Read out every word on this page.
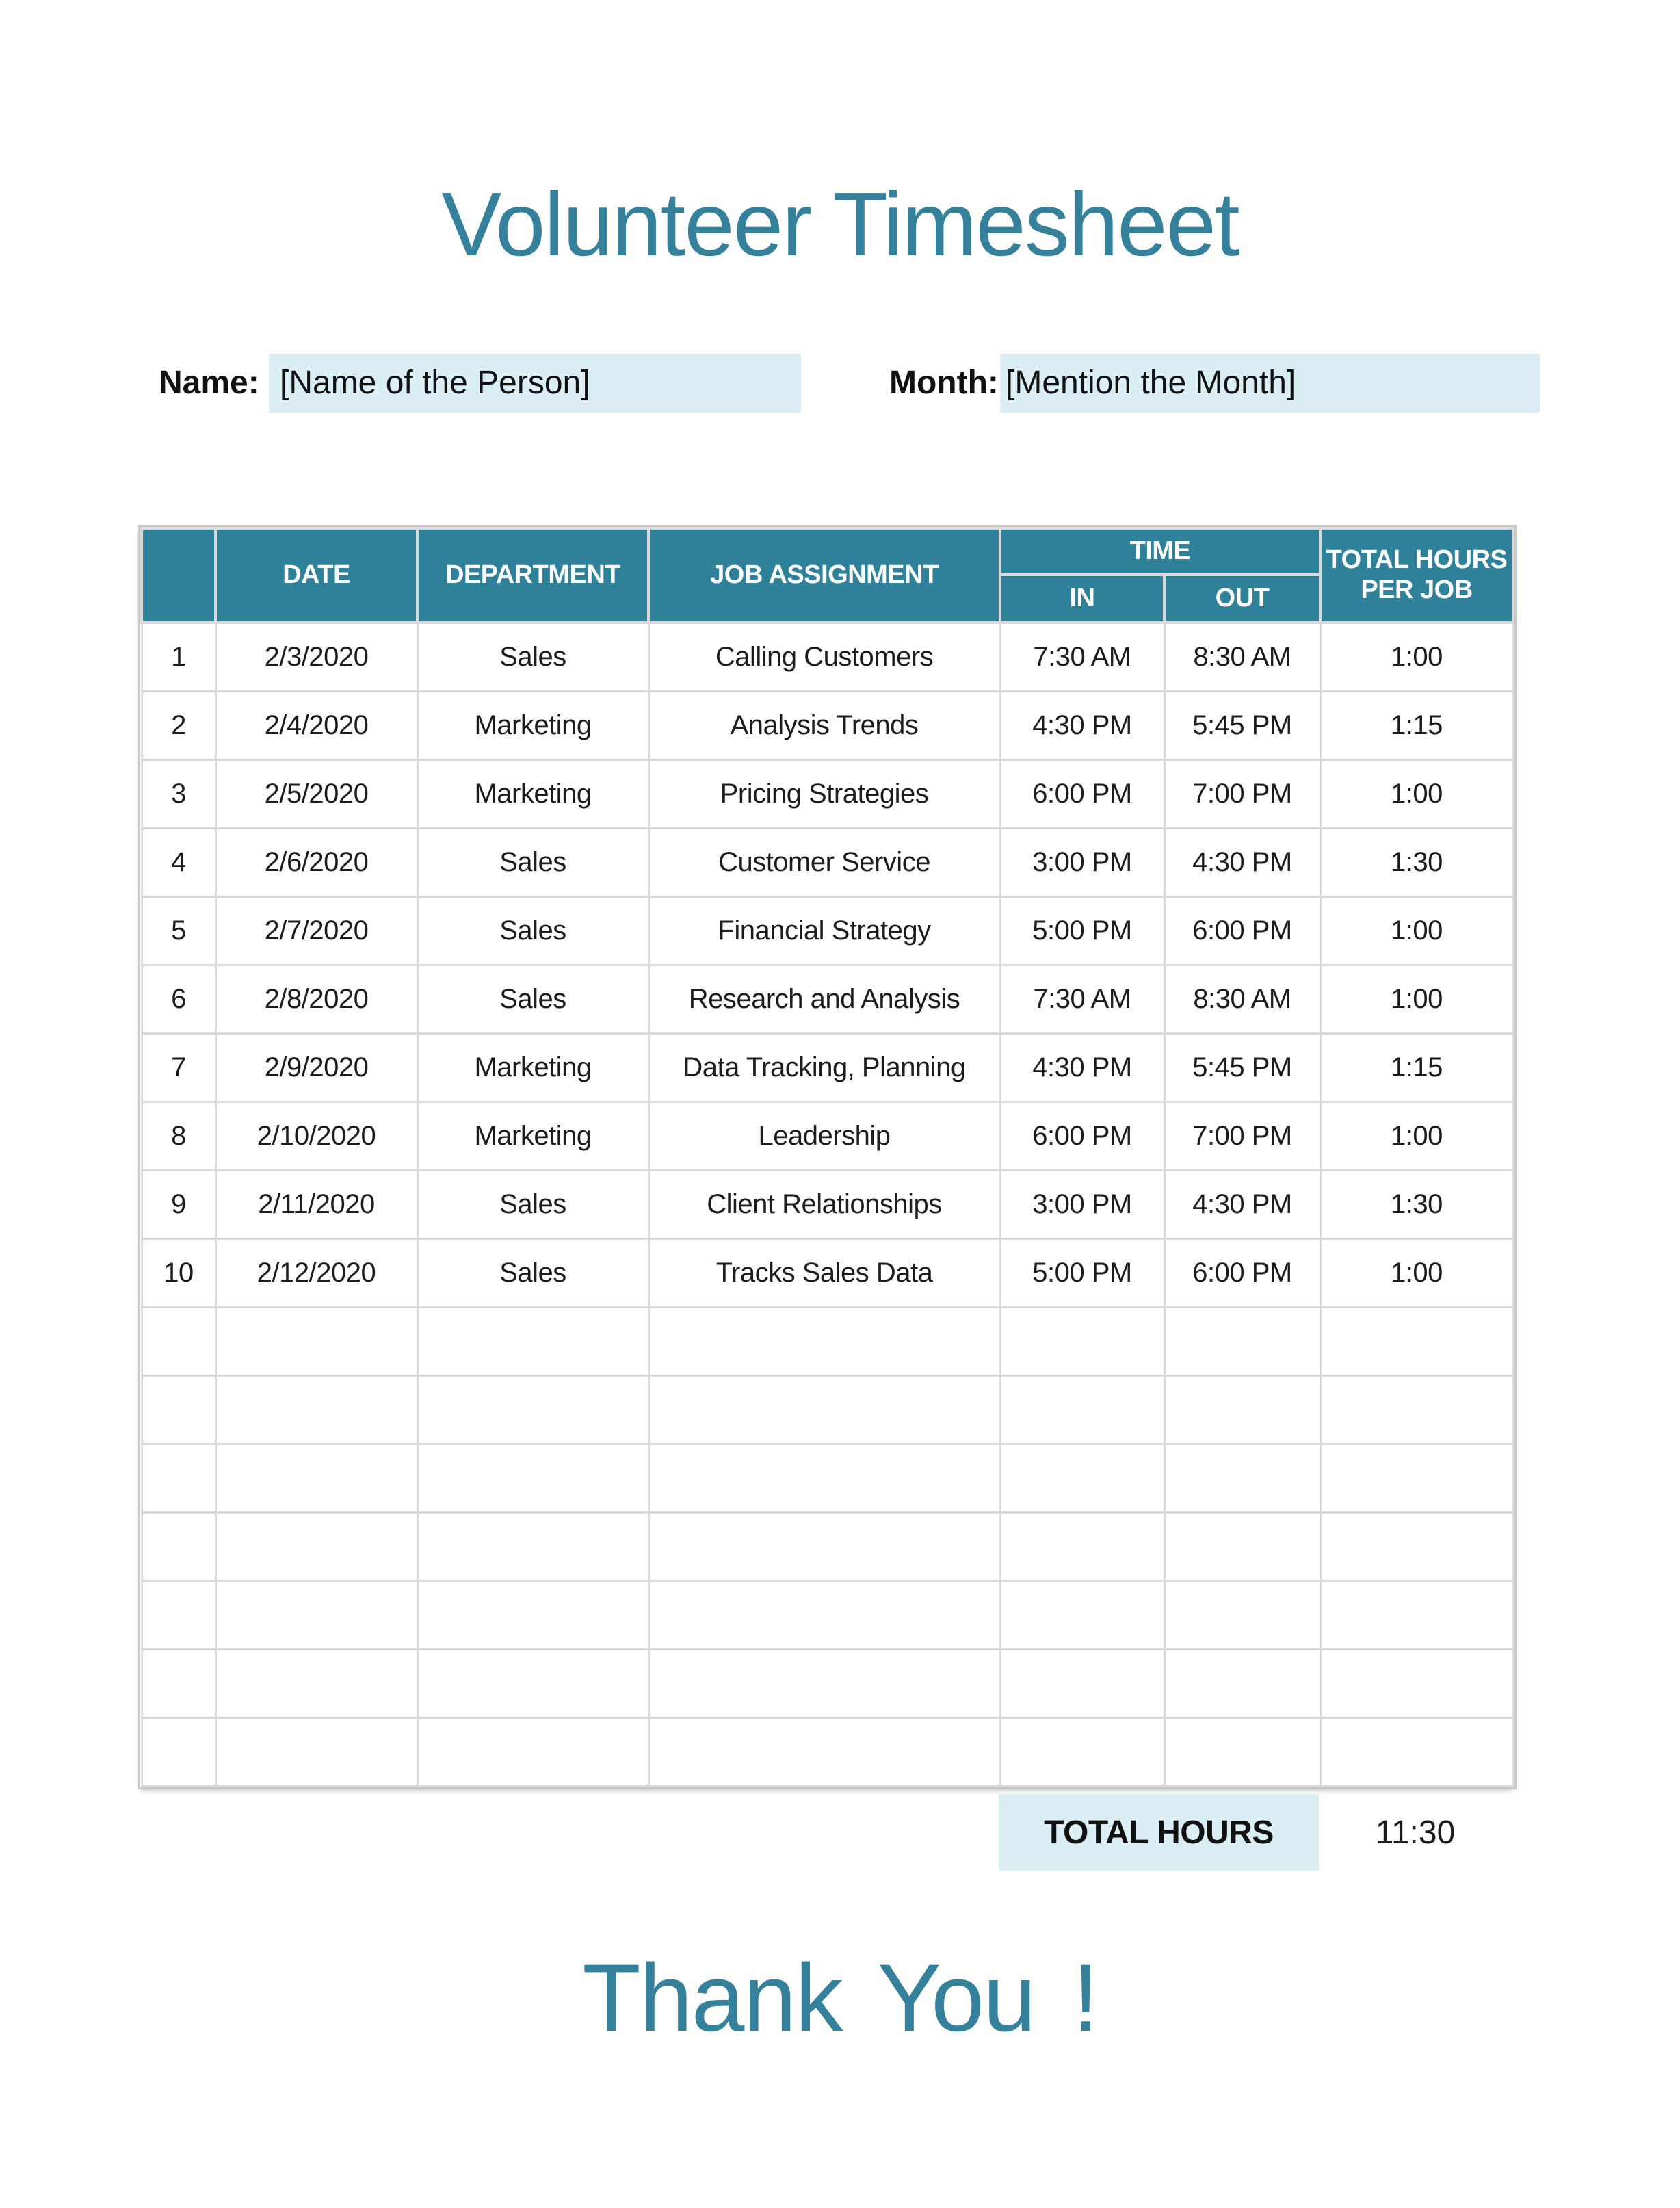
Volunteer Timesheet
Name: [Name of the Person]	Month: [Mention the Month]
	DATE	DEPARTMENT	JOB ASSIGNMENT	TIME		TOTAL HOURS PER JOB
				IN	OUT	
1	2/3/2020	Sales	Calling Customers	7:30 AM	8:30 AM	1:00
2	2/4/2020	Marketing	Analysis Trends	4:30 PM	5:45 PM	1:15
3	2/5/2020	Marketing	Pricing Strategies	6:00 PM	7:00 PM	1:00
4	2/6/2020	Sales	Customer Service	3:00 PM	4:30 PM	1:30
5	2/7/2020	Sales	Financial Strategy	5:00 PM	6:00 PM	1:00
6	2/8/2020	Sales	Research and Analysis	7:30 AM	8:30 AM	1:00
7	2/9/2020	Marketing	Data Tracking, Planning	4:30 PM	5:45 PM	1:15
8	2/10/2020	Marketing	Leadership	6:00 PM	7:00 PM	1:00
9	2/11/2020	Sales	Client Relationships	3:00 PM	4:30 PM	1:30
10	2/12/2020	Sales	Tracks Sales Data	5:00 PM	6:00 PM	1:00

TOTAL HOURS	11:30

Thank You !
